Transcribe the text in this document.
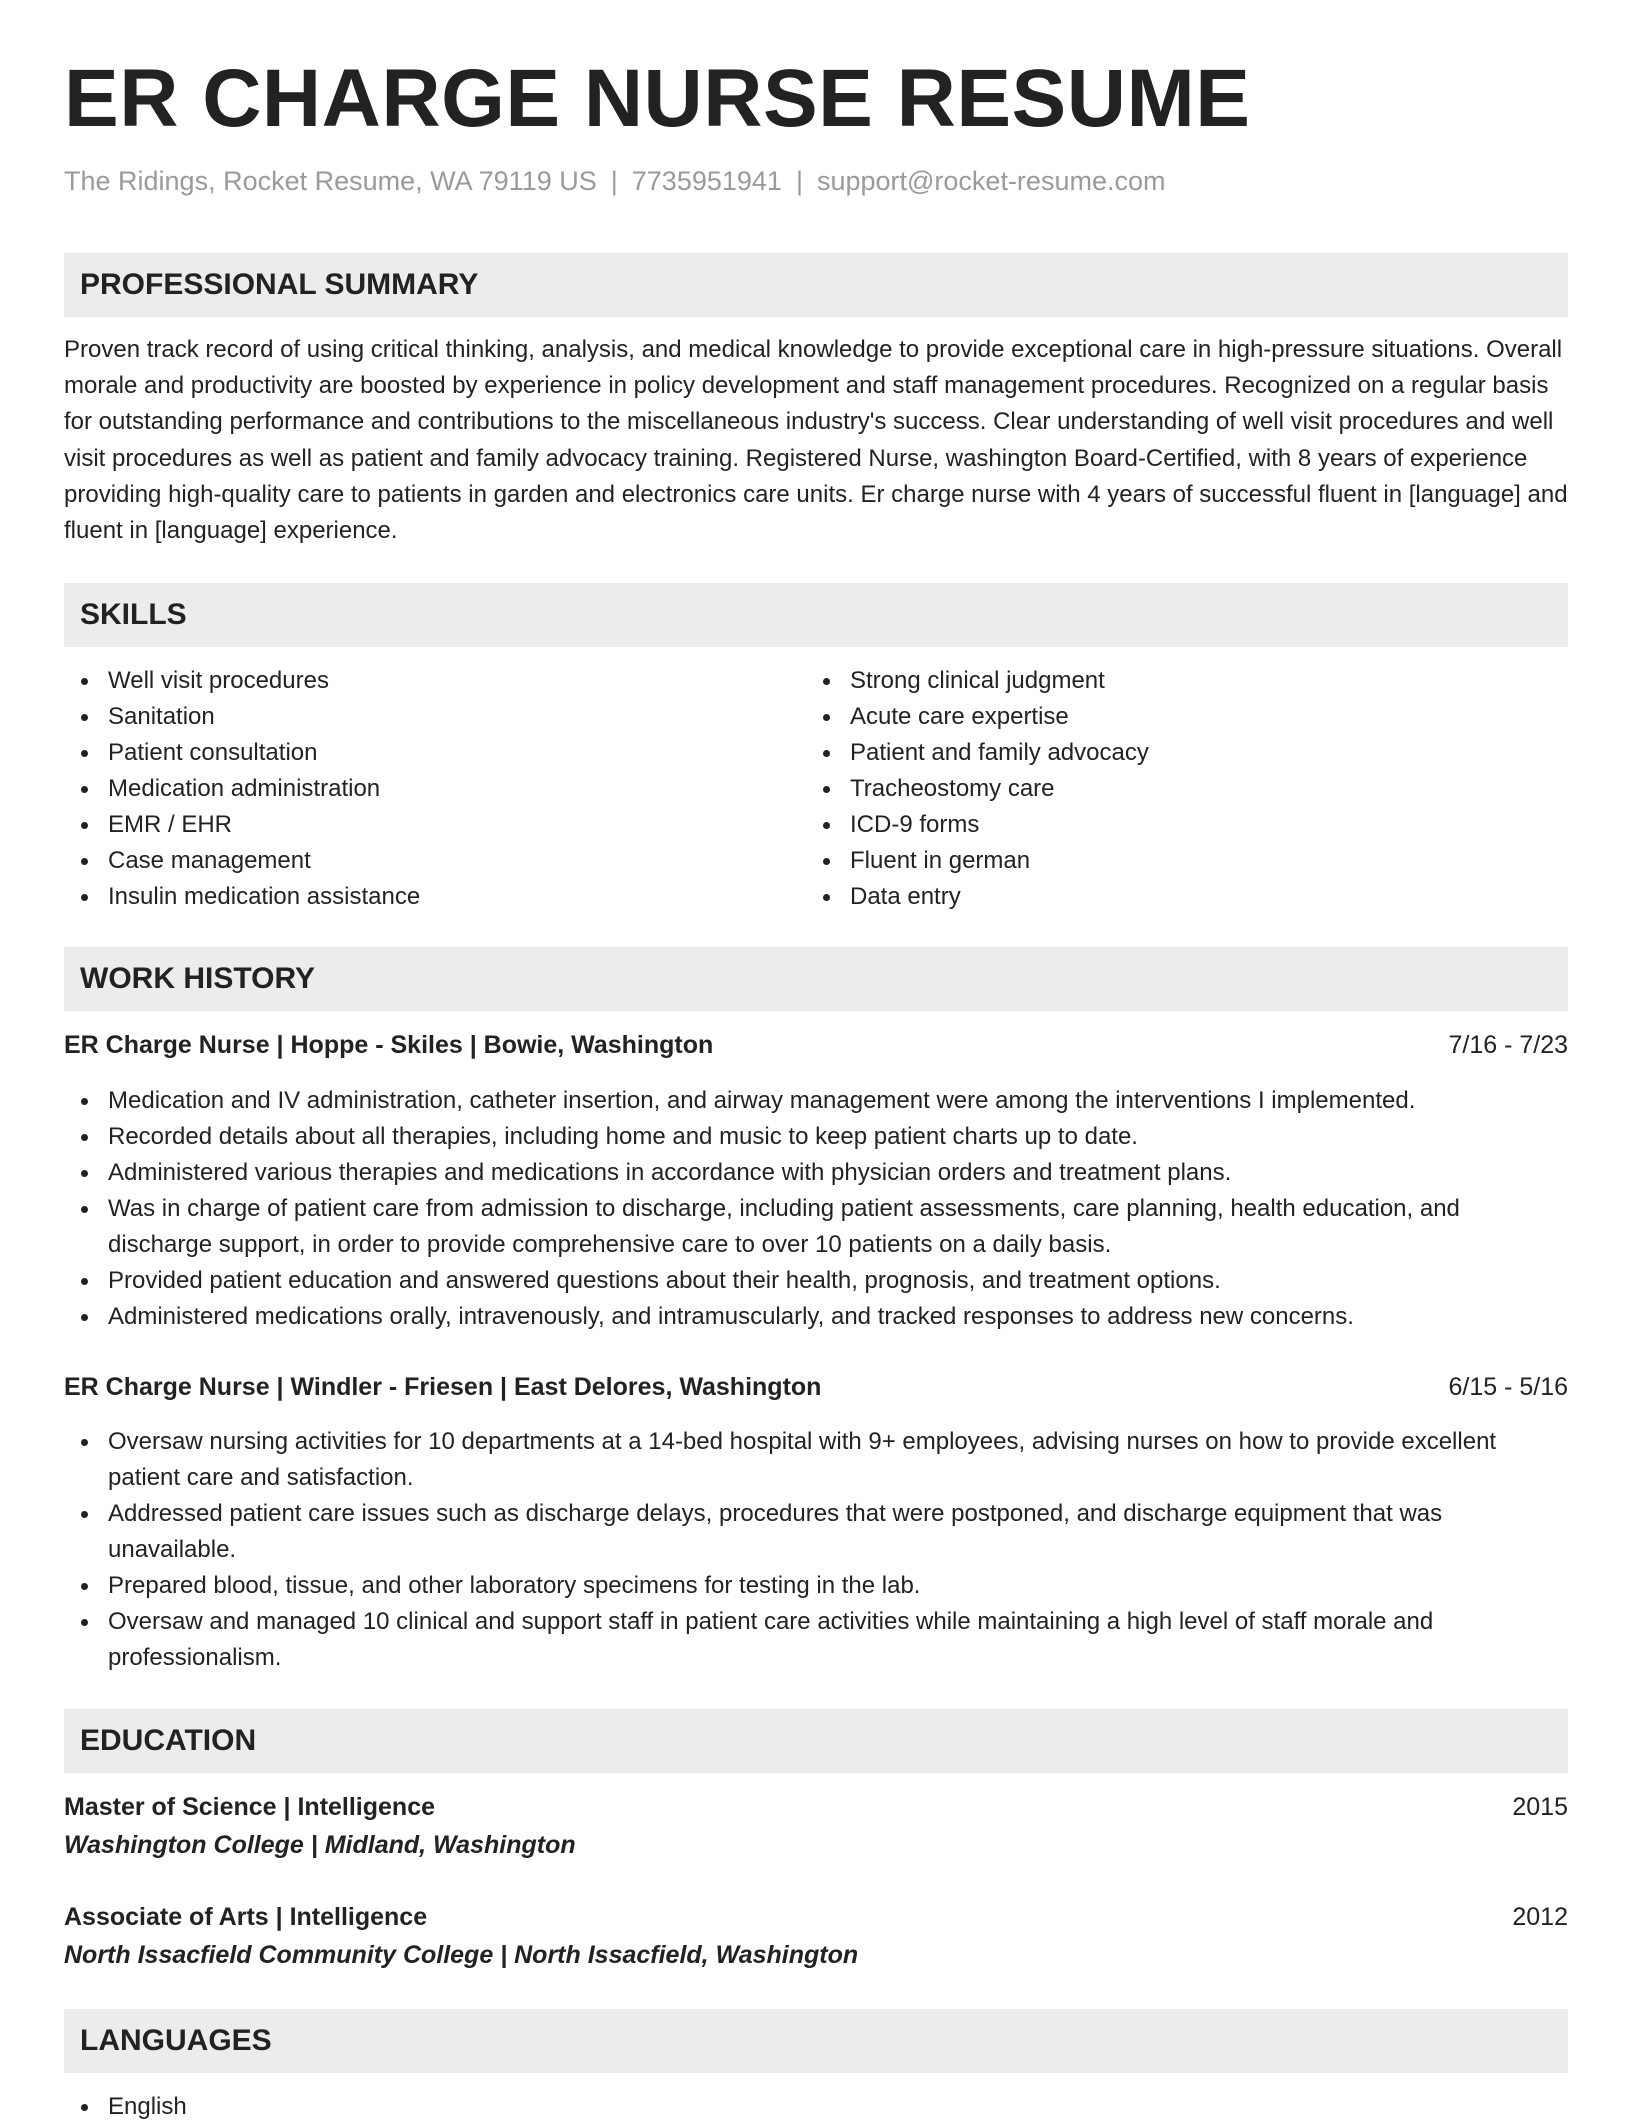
ER CHARGE NURSE RESUME
The Ridings, Rocket Resume, WA 79119 US | 7735951941 | support@rocket-resume.com
PROFESSIONAL SUMMARY

Proven track record of using critical thinking, analysis, and medical knowledge to provide exceptional care in high-pressure situations. Overall morale and productivity are boosted by experience in policy development and staff management procedures. Recognized on a regular basis for outstanding performance and contributions to the miscellaneous industry's success. Clear understanding of well visit procedures and well visit procedures as well as patient and family advocacy training. Registered Nurse, washington Board-Certified, with 8 years of experience providing high-quality care to patients in garden and electronics care units. Er charge nurse with 4 years of successful fluent in [language] and fluent in [language] experience.

SKILLS
Well visit procedures
Sanitation
Patient consultation
Medication administration
EMR / EHR
Case management
Insulin medication assistance
Strong clinical judgment
Acute care expertise
Patient and family advocacy
Tracheostomy care
ICD-9 forms
Fluent in german
Data entry
WORK HISTORY
ER Charge Nurse | Hoppe - Skiles | Bowie, Washington	7/16 - 7/23
Medication and IV administration, catheter insertion, and airway management were among the interventions I implemented.
Recorded details about all therapies, including home and music to keep patient charts up to date.
Administered various therapies and medications in accordance with physician orders and treatment plans.
Was in charge of patient care from admission to discharge, including patient assessments, care planning, health education, and discharge support, in order to provide comprehensive care to over 10 patients on a daily basis.
Provided patient education and answered questions about their health, prognosis, and treatment options.
Administered medications orally, intravenously, and intramuscularly, and tracked responses to address new concerns.
ER Charge Nurse | Windler - Friesen | East Delores, Washington	6/15 - 5/16
Oversaw nursing activities for 10 departments at a 14-bed hospital with 9+ employees, advising nurses on how to provide excellent patient care and satisfaction.
Addressed patient care issues such as discharge delays, procedures that were postponed, and discharge equipment that was unavailable.
Prepared blood, tissue, and other laboratory specimens for testing in the lab.
Oversaw and managed 10 clinical and support staff in patient care activities while maintaining a high level of staff morale and professionalism.
EDUCATION
Master of Science | Intelligence	2015
Washington College | Midland, Washington
Associate of Arts | Intelligence	2012
North Issacfield Community College | North Issacfield, Washington
LANGUAGES
English
